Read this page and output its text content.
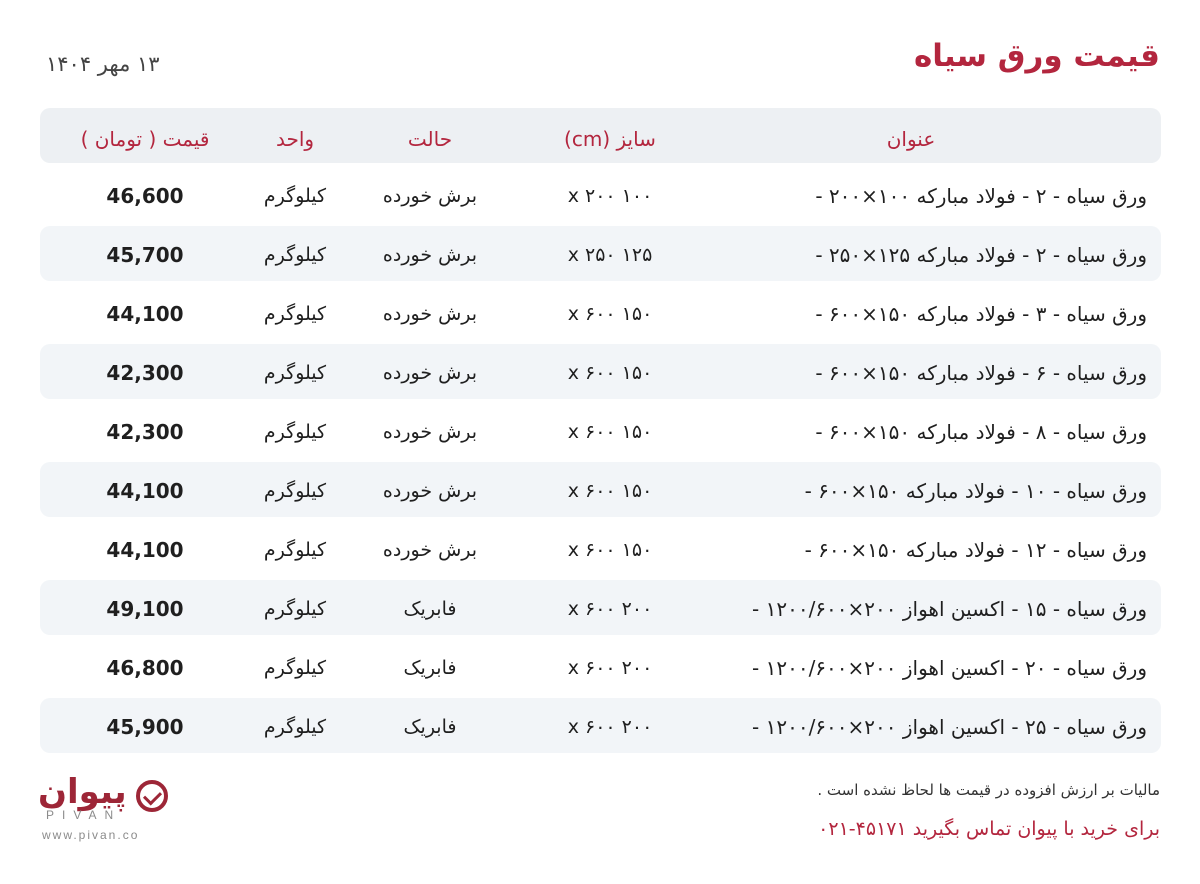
قیمت ورق سیاه
۱۳ مهر ۱۴۰۴
عنوان
سایز (cm)
حالت
واحد
قیمت ( تومان )
ورق سیاه - ۲ - فولاد مبارکه ۱۰۰×۲۰۰ -
۱۰۰ x ۲۰۰
برش خورده
کیلوگرم
46,600
ورق سیاه - ۲ - فولاد مبارکه ۱۲۵×۲۵۰ -
۱۲۵ x ۲۵۰
برش خورده
کیلوگرم
45,700
ورق سیاه - ۳ - فولاد مبارکه ۱۵۰×۶۰۰ -
۱۵۰ x ۶۰۰
برش خورده
کیلوگرم
44,100
ورق سیاه - ۶ - فولاد مبارکه ۱۵۰×۶۰۰ -
۱۵۰ x ۶۰۰
برش خورده
کیلوگرم
42,300
ورق سیاه - ۸ - فولاد مبارکه ۱۵۰×۶۰۰ -
۱۵۰ x ۶۰۰
برش خورده
کیلوگرم
42,300
ورق سیاه - ۱۰ - فولاد مبارکه ۱۵۰×۶۰۰ -
۱۵۰ x ۶۰۰
برش خورده
کیلوگرم
44,100
ورق سیاه - ۱۲ - فولاد مبارکه ۱۵۰×۶۰۰ -
۱۵۰ x ۶۰۰
برش خورده
کیلوگرم
44,100
ورق سیاه - ۱۵ - اکسین اهواز ۲۰۰×۱۲۰۰/۶۰۰ -
۲۰۰ x ۶۰۰
فابریک
کیلوگرم
49,100
ورق سیاه - ۲۰ - اکسین اهواز ۲۰۰×۱۲۰۰/۶۰۰ -
۲۰۰ x ۶۰۰
فابریک
کیلوگرم
46,800
ورق سیاه - ۲۵ - اکسین اهواز ۲۰۰×۱۲۰۰/۶۰۰ -
۲۰۰ x ۶۰۰
فابریک
کیلوگرم
45,900
پیوان
PIVAN
www.pivan.co
مالیات بر ارزش افزوده در قیمت ها لحاظ نشده است .
برای خرید با پیوان تماس بگیرید ۴۵۱۷۱-۰۲۱
